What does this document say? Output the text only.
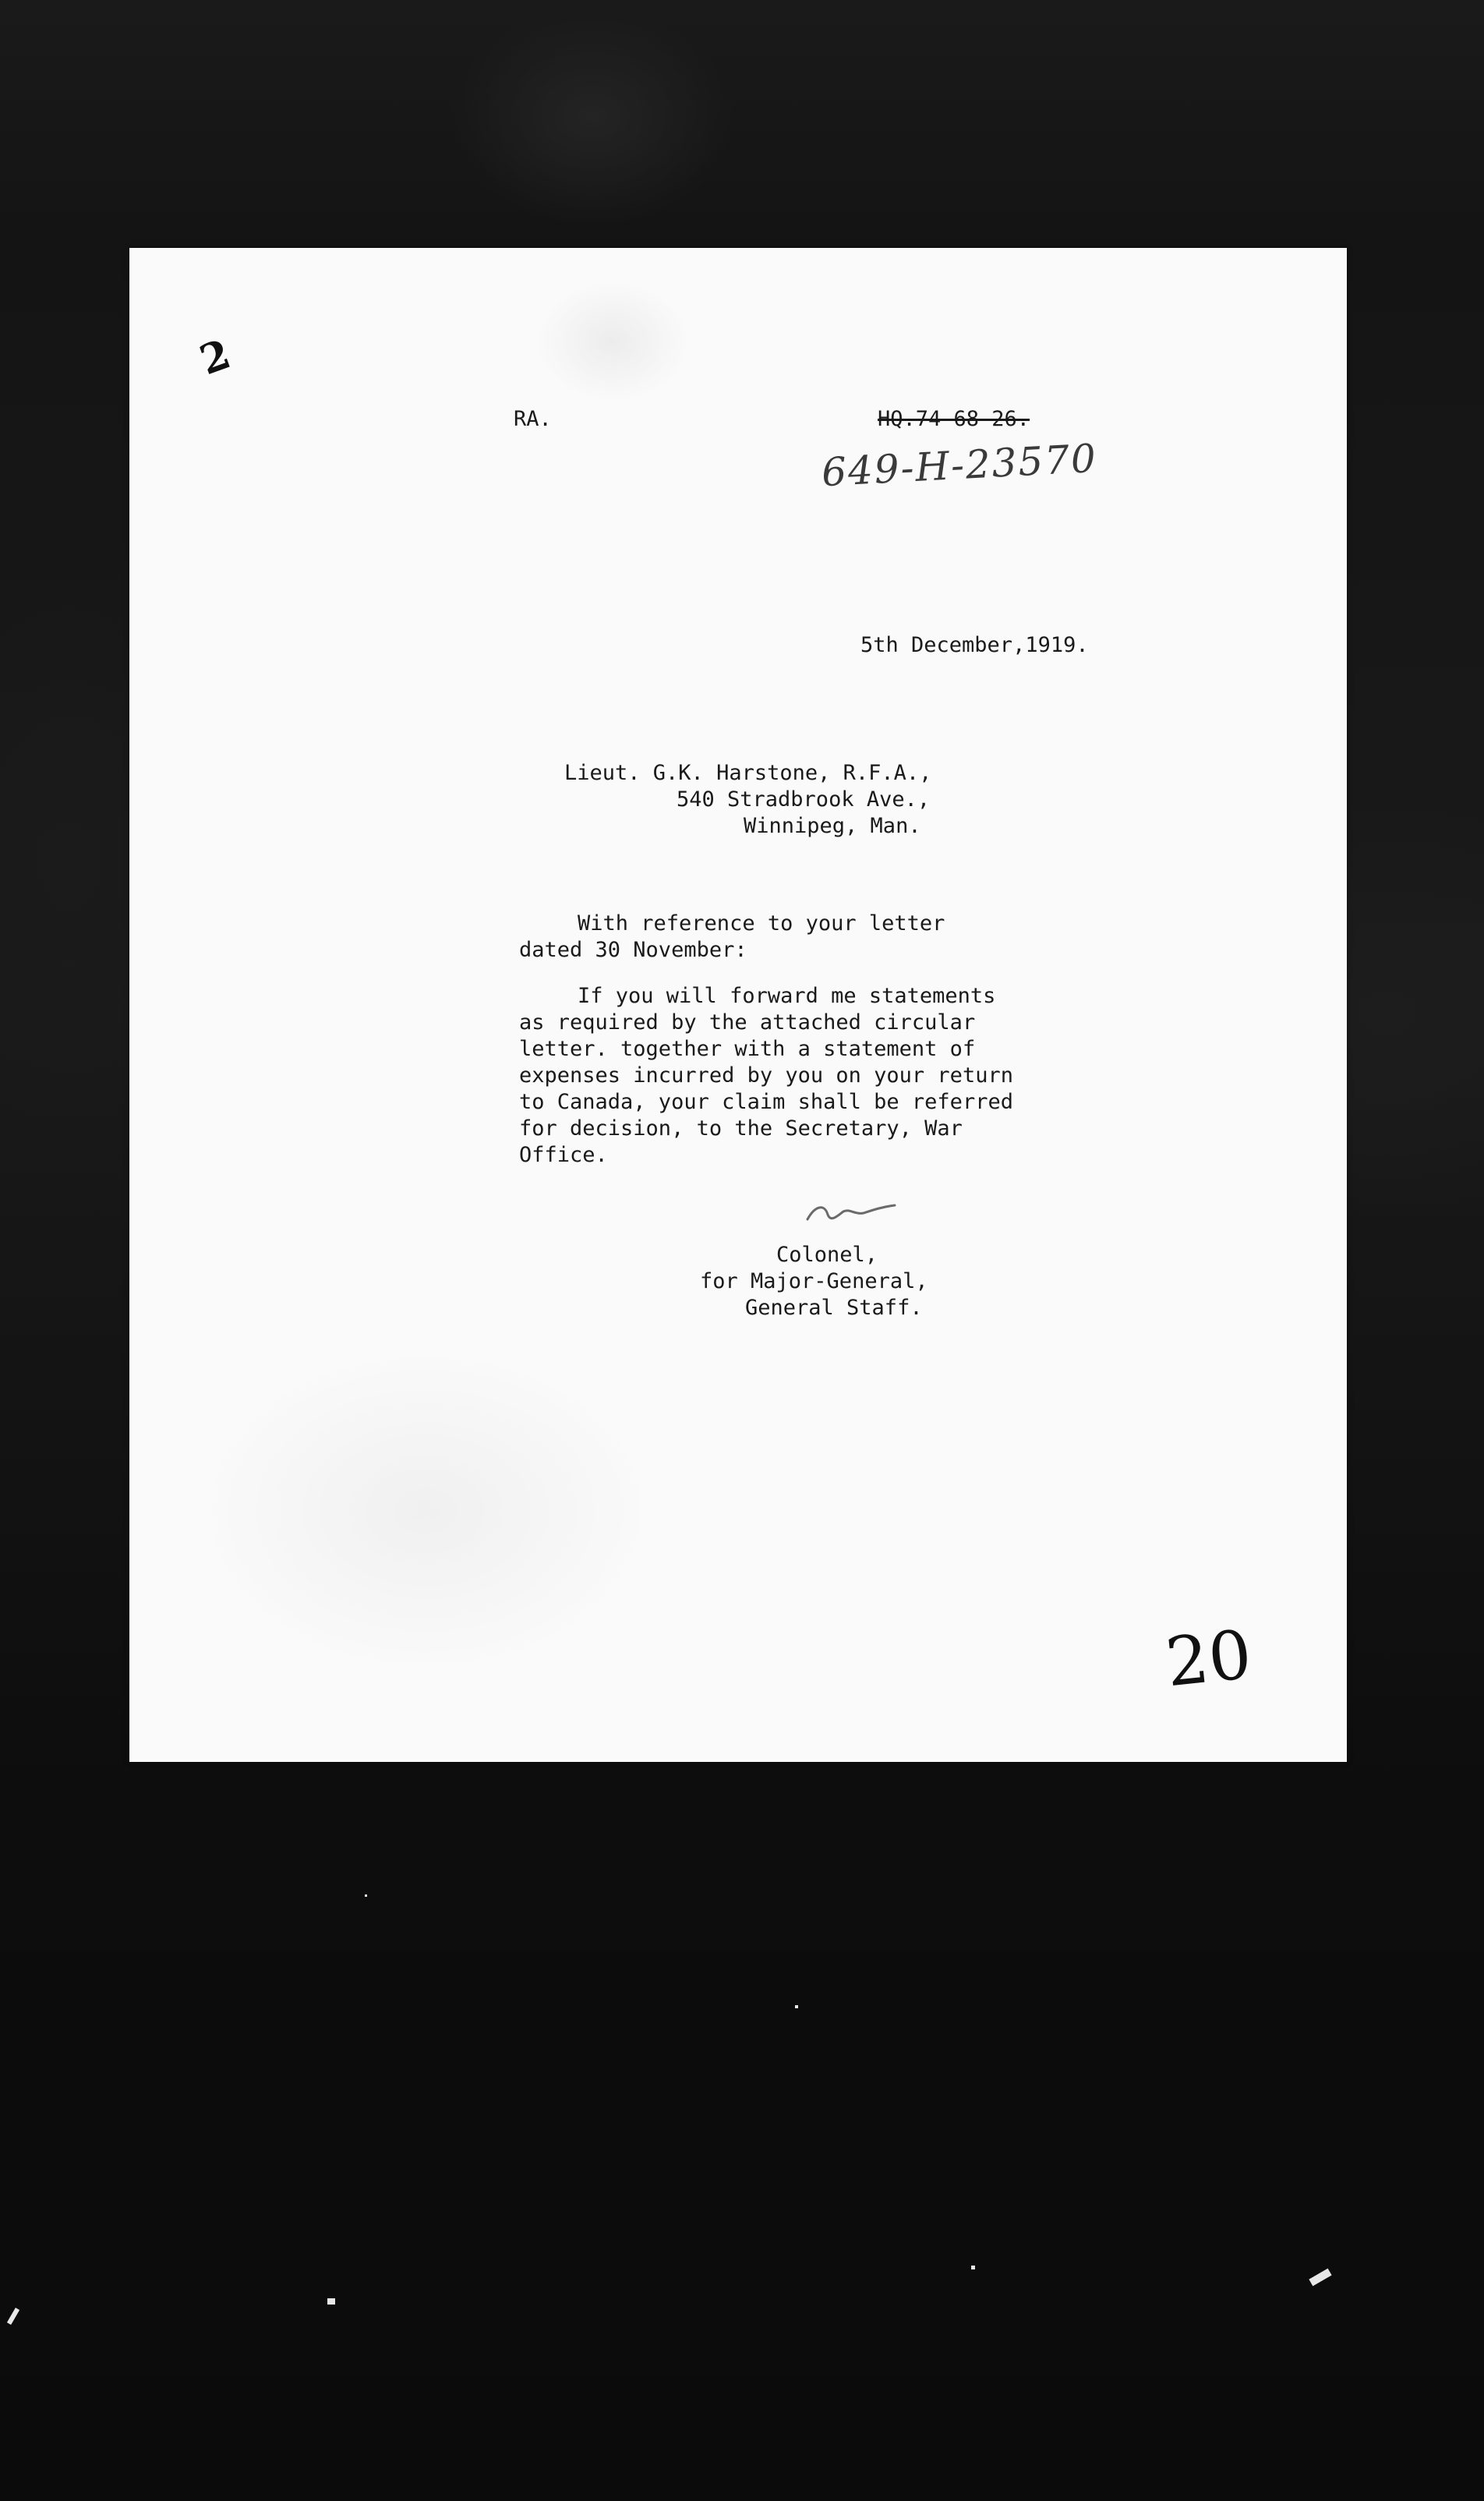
2

RA.	HQ.74-68-26.

649-H-23570

5th December,1919.

Lieut. G.K. Harstone, R.F.A.,

540 Stradbrook Ave.,

Winnipeg, Man.

With reference to your letter

dated 30 November:

If you will forward me statements

as required by the attached circular

letter. together with a statement of

expenses incurred by you on your return

to Canada, your claim shall be referred

for decision, to the Secretary, War

Office.

Colonel,

for Major-General,

General Staff.

20
